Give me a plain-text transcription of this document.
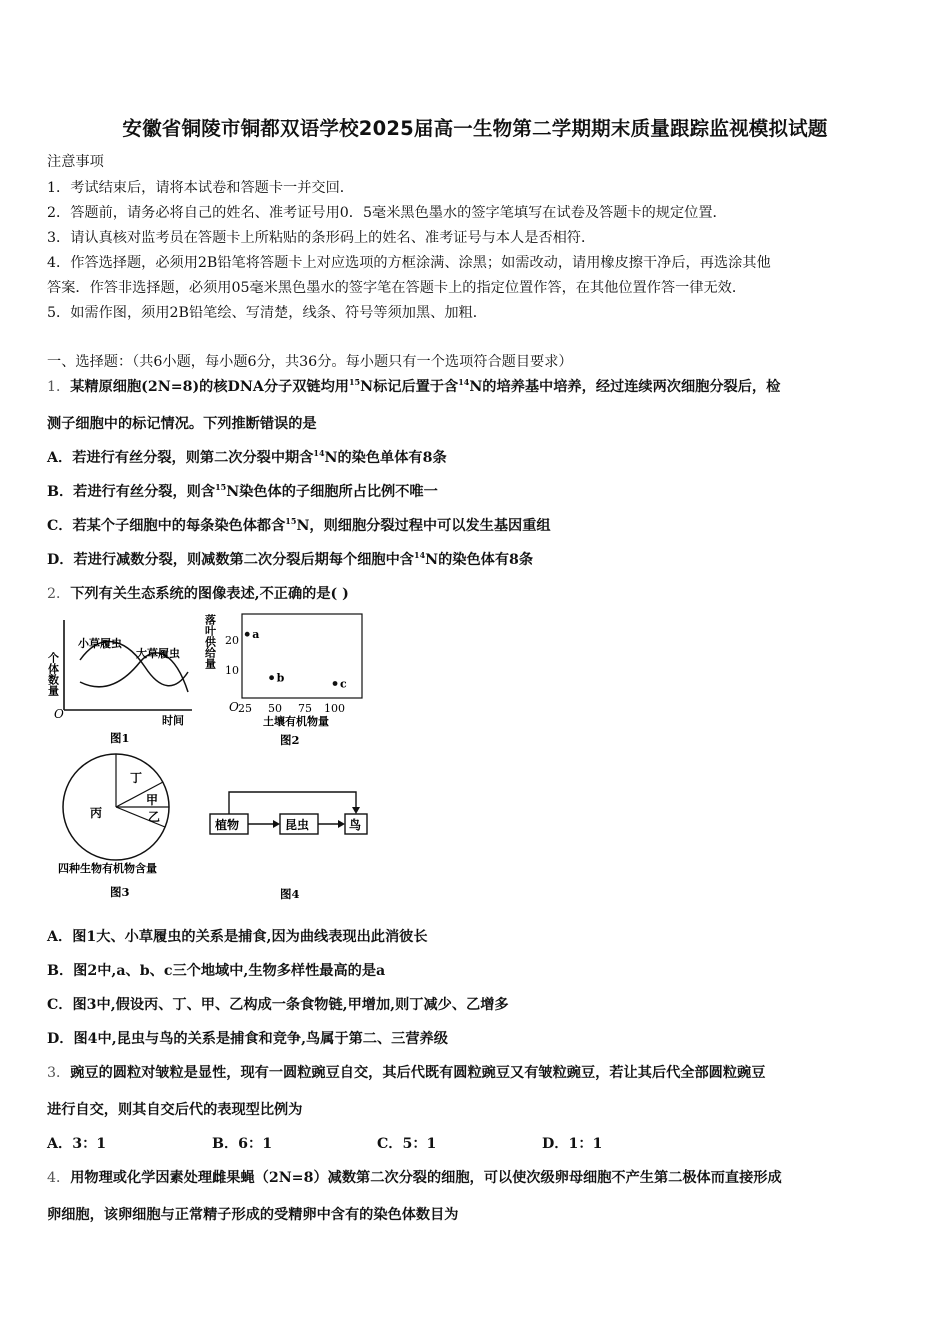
安徽省铜陵市铜都双语学校2025届高一生物第二学期期末质量跟踪监视模拟试题
注意事项
1．考试结束后，请将本试卷和答题卡一并交回．
2．答题前，请务必将自己的姓名、准考证号用0．5毫米黑色墨水的签字笔填写在试卷及答题卡的规定位置．
3．请认真核对监考员在答题卡上所粘贴的条形码上的姓名、准考证号与本人是否相符．
4．作答选择题，必须用2B铅笔将答题卡上对应选项的方框涂满、涂黑；如需改动，请用橡皮擦干净后，再选涂其他
答案．作答非选择题，必须用05毫米黑色墨水的签字笔在答题卡上的指定位置作答，在其他位置作答一律无效．
5．如需作图，须用2B铅笔绘、写清楚，线条、符号等须加黑、加粗．
一、选择题：（共6小题，每小题6分，共36分。每小题只有一个选项符合题目要求）
1．某精原细胞(2N=8)的核DNA分子双链均用$^{15}$N标记后置于含$^{14}$N的培养基中培养，经过连续两次细胞分裂后，检
测子细胞中的标记情况。下列推断错误的是
A．若进行有丝分裂，则第二次分裂中期含$^{14}$N的染色单体有8条
B．若进行有丝分裂，则含$^{15}$N染色体的子细胞所占比例不唯一
C．若某个子细胞中的每条染色体都含$^{15}$N，则细胞分裂过程中可以发生基因重组
D．若进行减数分裂，则减数第二次分裂后期每个细胞中含$^{14}$N的染色体有8条
2．下列有关生态系统的图像表述,不正确的是( )
个体数量
O	时间
小草履虫
大草履虫
图1
落叶供给量
O
20
10
25 50 75 100
土壤有机物量
a
b	c
图2
丙
丁
甲
乙
四种生物有机物含量
图3
植物	昆虫	鸟
图4
A．图1大、小草履虫的关系是捕食,因为曲线表现出此消彼长
B．图2中,a、b、c三个地域中,生物多样性最高的是a
C．图3中,假设丙、丁、甲、乙构成一条食物链,甲增加,则丁减少、乙增多
D．图4中,昆虫与鸟的关系是捕食和竞争,鸟属于第二、三营养级
3．豌豆的圆粒对皱粒是显性，现有一圆粒豌豆自交，其后代既有圆粒豌豆又有皱粒豌豆，若让其后代全部圆粒豌豆
进行自交，则其自交后代的表现型比例为
A．3：1	B．6：1	C．5：1	D．1：1
4．用物理或化学因素处理雌果蝇（2N=8）减数第二次分裂的细胞，可以使次级卵母细胞不产生第二极体而直接形成
卵细胞，该卵细胞与正常精子形成的受精卵中含有的染色体数目为
